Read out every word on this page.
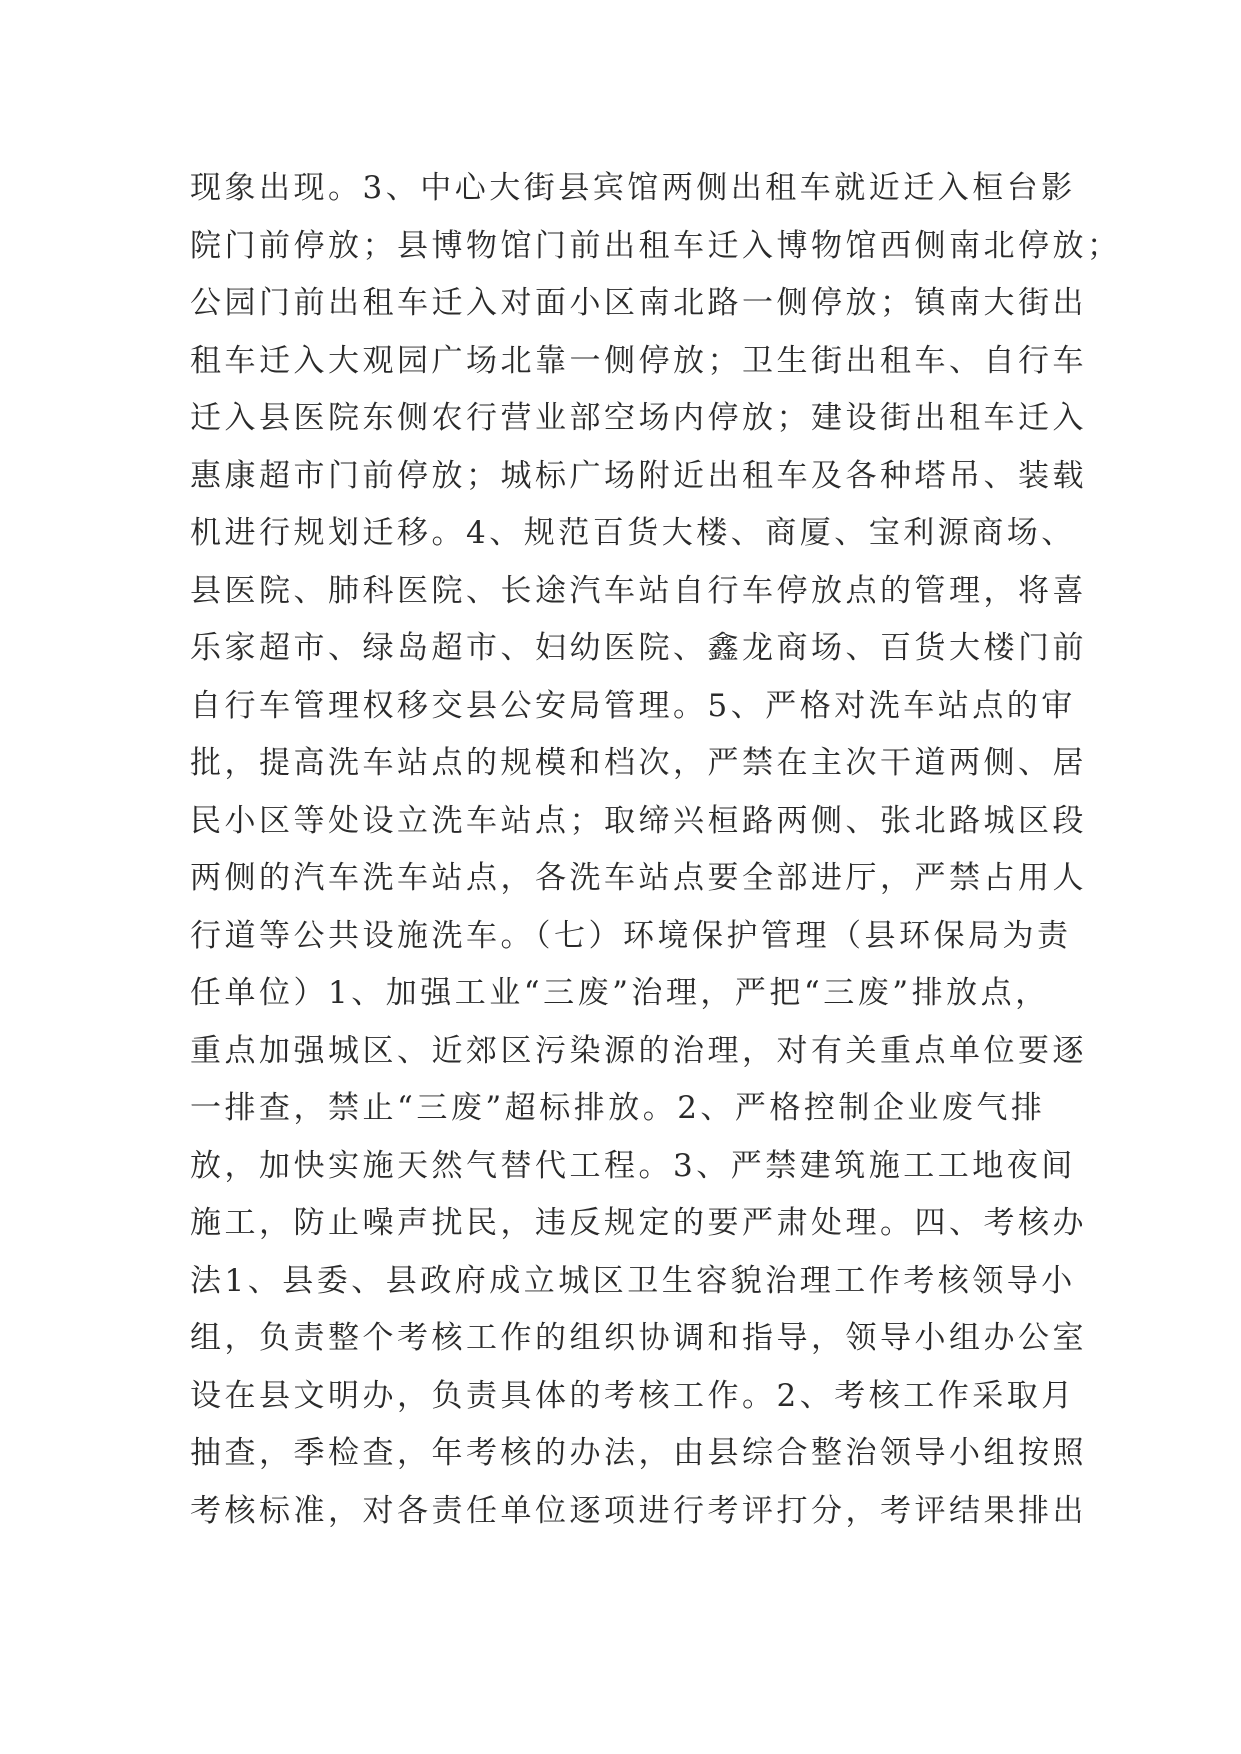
现象出现。3、中心大街县宾馆两侧出租车就近迁入桓台影
院门前停放；县博物馆门前出租车迁入博物馆西侧南北停放；
公园门前出租车迁入对面小区南北路一侧停放；镇南大街出
租车迁入大观园广场北靠一侧停放；卫生街出租车、自行车
迁入县医院东侧农行营业部空场内停放；建设街出租车迁入
惠康超市门前停放；城标广场附近出租车及各种塔吊、装载
机进行规划迁移。4、规范百货大楼、商厦、宝利源商场、
县医院、肺科医院、长途汽车站自行车停放点的管理，将喜
乐家超市、绿岛超市、妇幼医院、鑫龙商场、百货大楼门前
自行车管理权移交县公安局管理。5、严格对洗车站点的审
批，提高洗车站点的规模和档次，严禁在主次干道两侧、居
民小区等处设立洗车站点；取缔兴桓路两侧、张北路城区段
两侧的汽车洗车站点，各洗车站点要全部进厅，严禁占用人
行道等公共设施洗车。（七）环境保护管理（县环保局为责
任单位）1、加强工业“三废”治理，严把“三废”排放点，
重点加强城区、近郊区污染源的治理，对有关重点单位要逐
一排查，禁止“三废”超标排放。2、严格控制企业废气排
放，加快实施天然气替代工程。3、严禁建筑施工工地夜间
施工，防止噪声扰民，违反规定的要严肃处理。四、考核办
法1、县委、县政府成立城区卫生容貌治理工作考核领导小
组，负责整个考核工作的组织协调和指导，领导小组办公室
设在县文明办，负责具体的考核工作。2、考核工作采取月
抽查，季检查，年考核的办法，由县综合整治领导小组按照
考核标准，对各责任单位逐项进行考评打分，考评结果排出
